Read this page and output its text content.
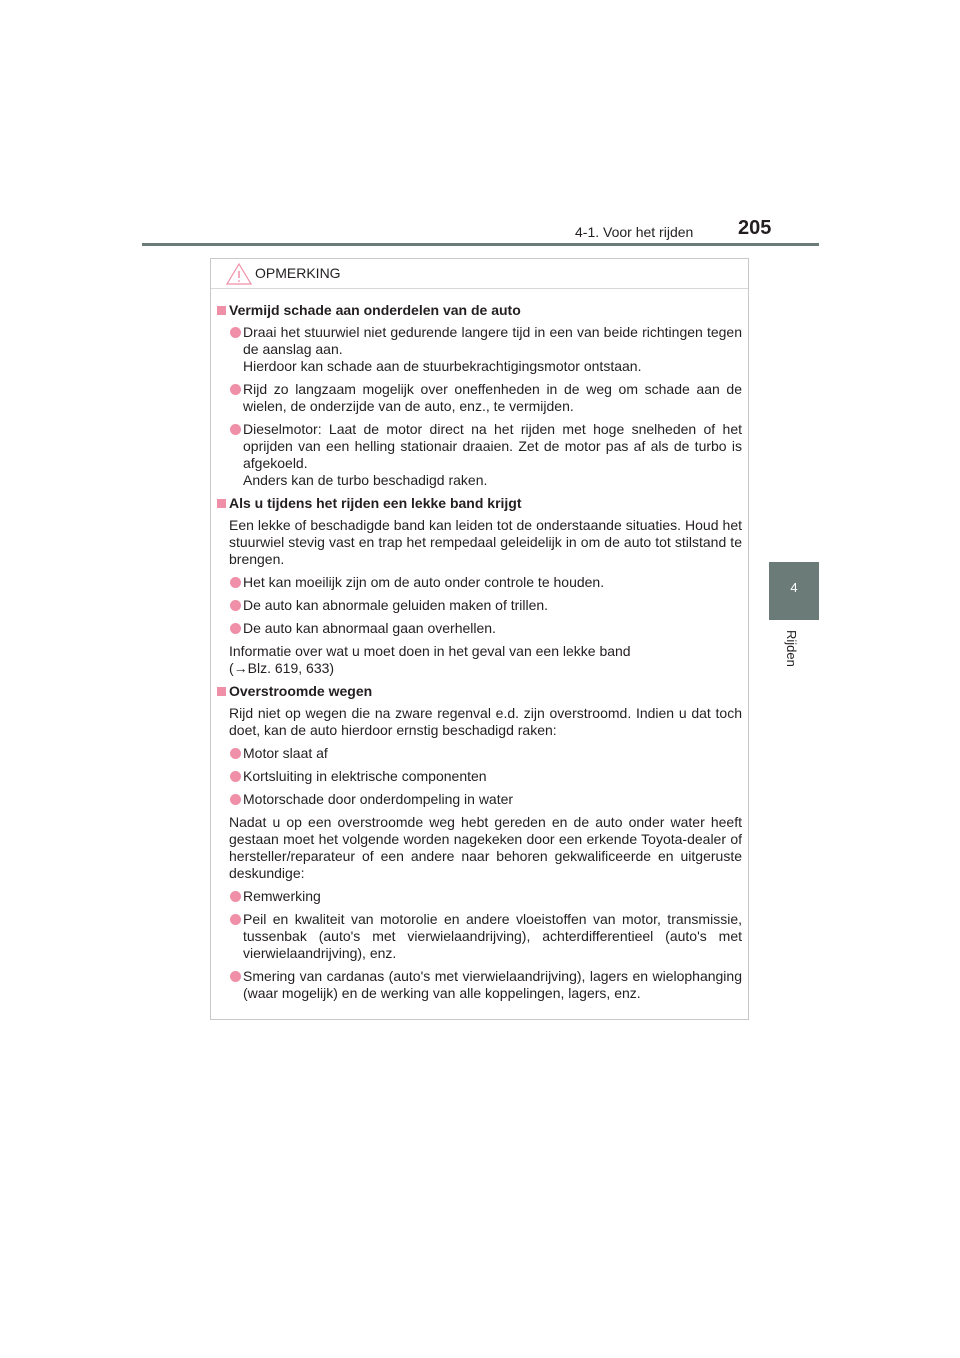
4-1. Voor het rijden 205
4
Rijden
OPMERKING
Vermijd schade aan onderdelen van de auto
Draai het stuurwiel niet gedurende langere tijd in een van beide richtingen tegen de aanslag aan.
Hierdoor kan schade aan de stuurbekrachtigingsmotor ontstaan.
Rijd zo langzaam mogelijk over oneffenheden in de weg om schade aan de wielen, de onderzijde van de auto, enz., te vermijden.
Dieselmotor: Laat de motor direct na het rijden met hoge snelheden of het oprijden van een helling stationair draaien. Zet de motor pas af als de turbo is afgekoeld.
Anders kan de turbo beschadigd raken.
Als u tijdens het rijden een lekke band krijgt
Een lekke of beschadigde band kan leiden tot de onderstaande situaties. Houd het stuurwiel stevig vast en trap het rempedaal geleidelijk in om de auto tot stilstand te brengen.
Het kan moeilijk zijn om de auto onder controle te houden.
De auto kan abnormale geluiden maken of trillen.
De auto kan abnormaal gaan overhellen.
Informatie over wat u moet doen in het geval van een lekke band
(→Blz. 619, 633)
Overstroomde wegen
Rijd niet op wegen die na zware regenval e.d. zijn overstroomd. Indien u dat toch doet, kan de auto hierdoor ernstig beschadigd raken:
Motor slaat af
Kortsluiting in elektrische componenten
Motorschade door onderdompeling in water
Nadat u op een overstroomde weg hebt gereden en de auto onder water heeft gestaan moet het volgende worden nagekeken door een erkende Toyota-dealer of hersteller/reparateur of een andere naar behoren gekwalificeerde en uitgeruste deskundige:
Remwerking
Peil en kwaliteit van motorolie en andere vloeistoffen van motor, transmissie, tussenbak (auto's met vierwielaandrijving), achterdifferentieel (auto's met vierwielaandrijving), enz.
Smering van cardanas (auto's met vierwielaandrijving), lagers en wielophanging (waar mogelijk) en de werking van alle koppelingen, lagers, enz.
